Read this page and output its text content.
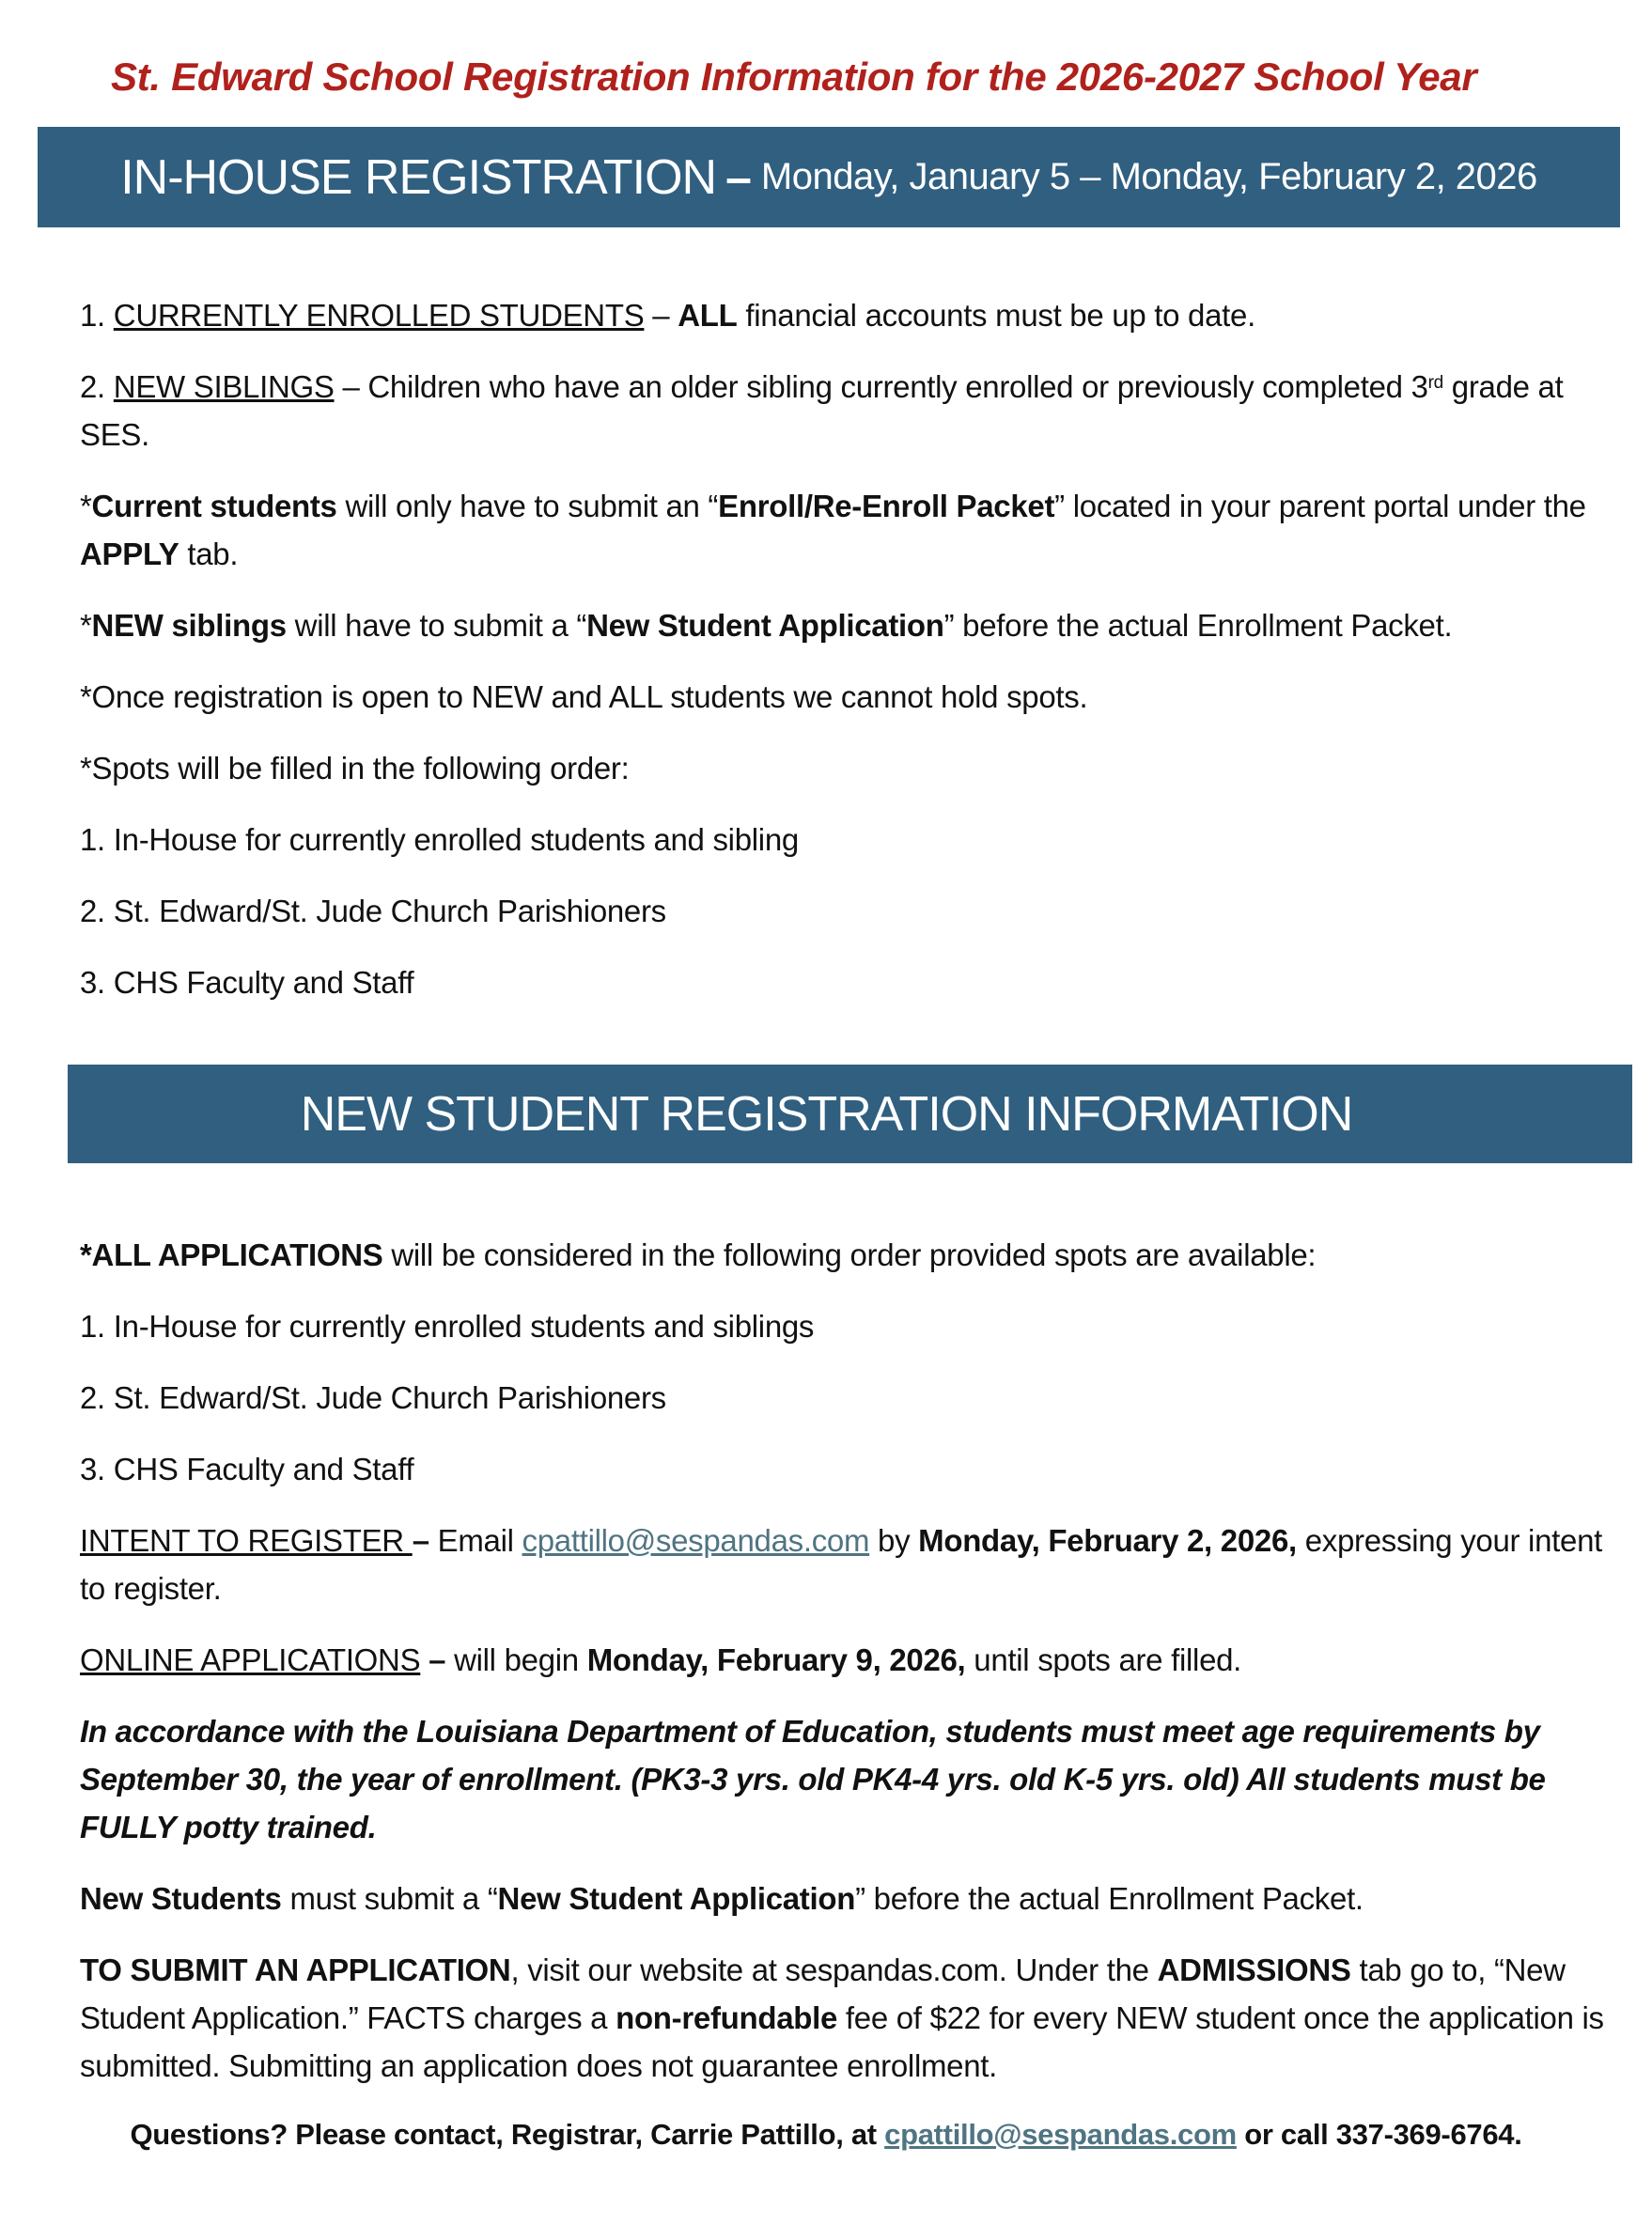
St. Edward School Registration Information for the 2026-2027 School Year
IN-HOUSE REGISTRATION – Monday, January 5 – Monday, February 2, 2026
1. CURRENTLY ENROLLED STUDENTS – ALL financial accounts must be up to date.
2. NEW SIBLINGS – Children who have an older sibling currently enrolled or previously completed 3rd grade at SES.
*Current students will only have to submit an “Enroll/Re-Enroll Packet” located in your parent portal under the APPLY tab.
*NEW siblings will have to submit a “New Student Application” before the actual Enrollment Packet.
*Once registration is open to NEW and ALL students we cannot hold spots.
*Spots will be filled in the following order:
1. In-House for currently enrolled students and sibling
2. St. Edward/St. Jude Church Parishioners
3. CHS Faculty and Staff
NEW STUDENT REGISTRATION INFORMATION
*ALL APPLICATIONS will be considered in the following order provided spots are available:
1. In-House for currently enrolled students and siblings
2. St. Edward/St. Jude Church Parishioners
3. CHS Faculty and Staff
INTENT TO REGISTER – Email cpattillo@sespandas.com by Monday, February 2, 2026, expressing your intent to register.
ONLINE APPLICATIONS – will begin Monday, February 9, 2026, until spots are filled.
In accordance with the Louisiana Department of Education, students must meet age requirements by September 30, the year of enrollment. (PK3-3 yrs. old PK4-4 yrs. old K-5 yrs. old) All students must be FULLY potty trained.
New Students must submit a “New Student Application” before the actual Enrollment Packet.
TO SUBMIT AN APPLICATION, visit our website at sespandas.com. Under the ADMISSIONS tab go to, “New Student Application.” FACTS charges a non-refundable fee of $22 for every NEW student once the application is submitted. Submitting an application does not guarantee enrollment.
Questions? Please contact, Registrar, Carrie Pattillo, at cpattillo@sespandas.com or call 337-369-6764.
